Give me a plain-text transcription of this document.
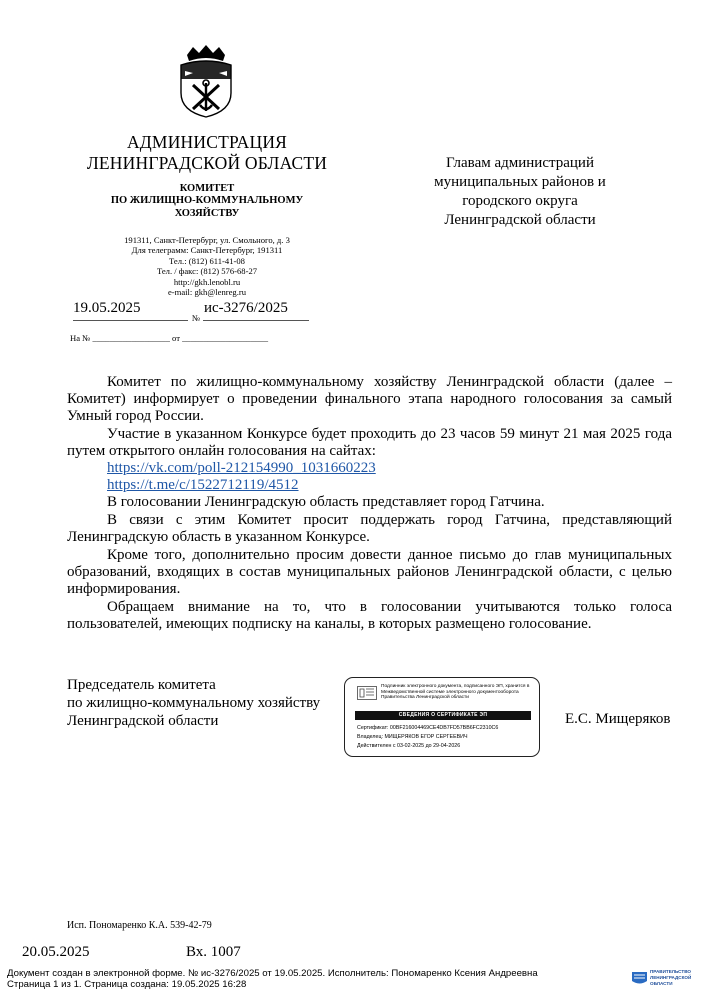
АДМИНИСТРАЦИЯ
ЛЕНИНГРАДСКОЙ ОБЛАСТИ
КОМИТЕТ
ПО ЖИЛИЩНО-КОММУНАЛЬНОМУ
ХОЗЯЙСТВУ
191311, Санкт-Петербург, ул. Смольного, д. 3
Для телеграмм: Санкт-Петербург, 191311
Тел.: (812) 611-41-08
Тел. / факс: (812) 576-68-27
http://gkh.lenobl.ru
e-mail: gkh@lenreg.ru
19.05.2025
№
ис-3276/2025
На № __________________ от ____________________
Главам администраций
муниципальных районов и
городского округа
Ленинградской области

Комитет по жилищно-коммунальному хозяйству Ленинградской области (далее – Комитет) информирует о проведении финального этапа народного голосования за самый Умный город России.

Участие в указанном Конкурсе будет проходить до 23 часов 59 минут 21 мая 2025 года путем открытого онлайн голосования на сайтах:

https://vk.com/poll-212154990_1031660223

https://t.me/c/1522712119/4512

В голосовании Ленинградскую область представляет город Гатчина.

В связи с этим Комитет просит поддержать город Гатчина, представляющий Ленинградскую область в указанном Конкурсе.

Кроме того, дополнительно просим довести данное письмо до глав муниципальных образований, входящих в состав муниципальных районов Ленинградской области, с целью информирования.

Обращаем внимание на то, что в голосовании учитываются только голоса пользователей, имеющих подписку на каналы, в которых размещено голосование.

Председатель комитета
по жилищно-коммунальному хозяйству
Ленинградской области
Подлинник электронного документа, подписанного ЭП, хранится в Межведомственной системе электронного документооборота Правительства Ленинградской области
СВЕДЕНИЯ О СЕРТИФИКАТЕ ЭП
Сертификат: 00BF216004469CE4DB7FD57BB6FC2310C6
Владелец: МИЩЕРЯКОВ ЕГОР СЕРГЕЕВИЧ
Действителен с 03-02-2025 до 29-04-2026
Е.С. Мищеряков
Исп. Пономаренко К.А. 539-42-79
20.05.2025	Вх. 1007
Документ создан в электронной форме. № ис-3276/2025 от 19.05.2025. Исполнитель: Пономаренко Ксения Андреевна
Страница 1 из 1. Страница создана: 19.05.2025 16:28
ПРАВИТЕЛЬСТВО
ЛЕНИНГРАДСКОЙ
ОБЛАСТИ
